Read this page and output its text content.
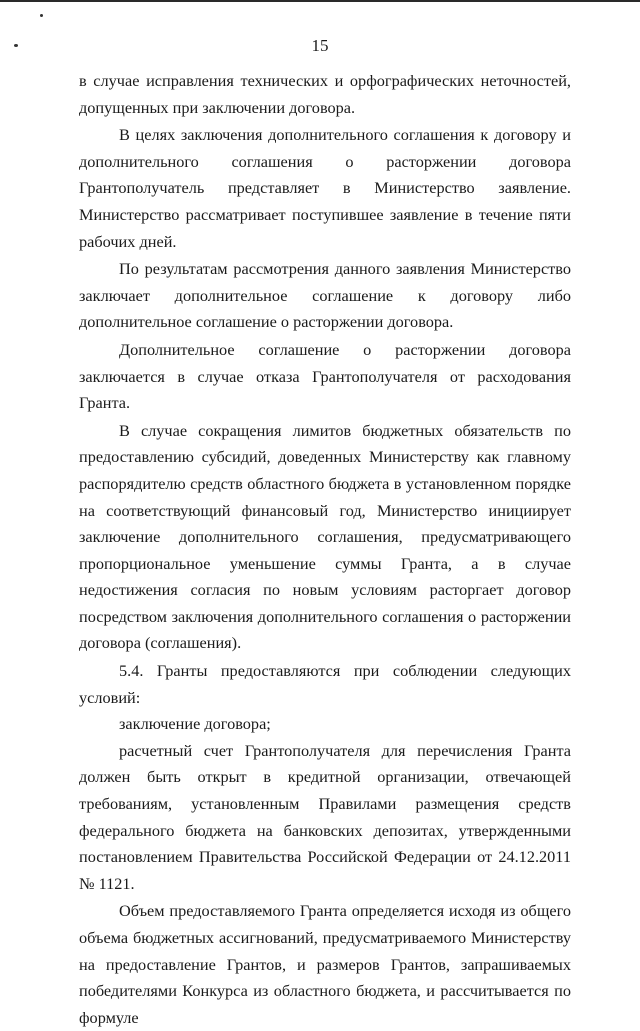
15

в случае исправления технических и орфографических неточностей, допущенных при заключении договора.

В целях заключения дополнительного соглашения к договору и дополнительного соглашения о расторжении договора Грантополучатель представляет в Министерство заявление. Министерство рассматривает поступившее заявление в течение пяти рабочих дней.

По результатам рассмотрения данного заявления Министерство заключает дополнительное соглашение к договору либо дополнительное соглашение о расторжении договора.

Дополнительное соглашение о расторжении договора заключается в случае отказа Грантополучателя от расходования Гранта.

В случае сокращения лимитов бюджетных обязательств по предоставлению субсидий, доведенных Министерству как главному распорядителю средств областного бюджета в установленном порядке на соответствующий финансовый год, Министерство инициирует заключение дополнительного соглашения, предусматривающего пропорциональное уменьшение суммы Гранта, а в случае недостижения согласия по новым условиям расторгает договор посредством заключения дополнительного соглашения о расторжении договора (соглашения).

5.4. Гранты предоставляются при соблюдении следующих условий:

заключение договора;

расчетный счет Грантополучателя для перечисления Гранта должен быть открыт в кредитной организации, отвечающей требованиям, установленным Правилами размещения средств федерального бюджета на банковских депозитах, утвержденными постановлением Правительства Российской Федерации от 24.12.2011 № 1121.

Объем предоставляемого Гранта определяется исходя из общего объема бюджетных ассигнований, предусматриваемого Министерству на предоставление Грантов, и размеров Грантов, запрашиваемых победителями Конкурса из областного бюджета, и рассчитывается по формуле
